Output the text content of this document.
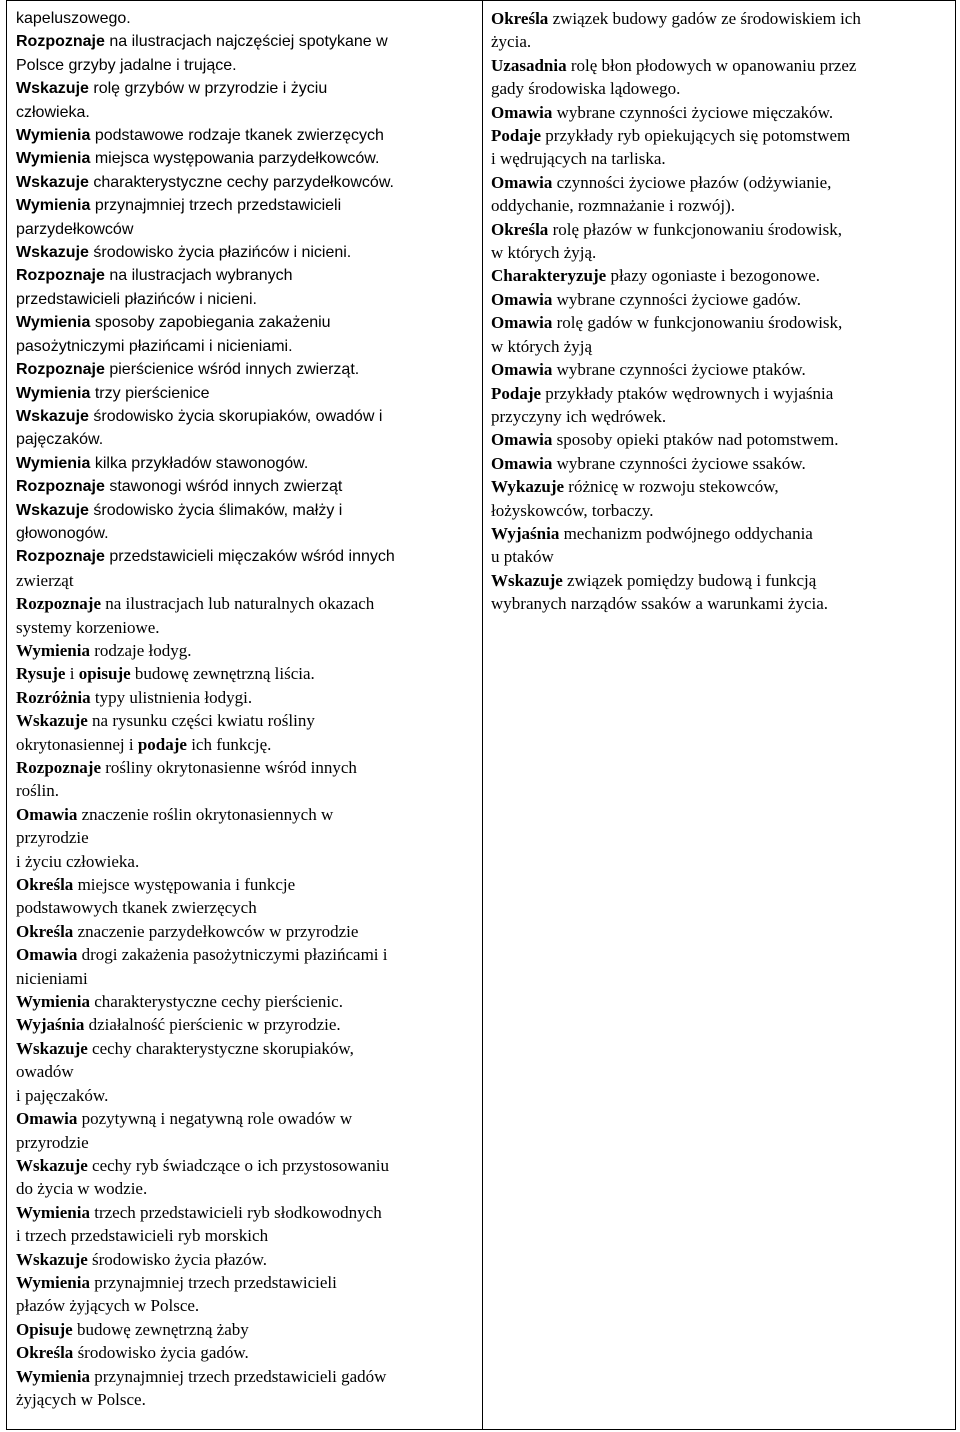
kapeluszowego.
Rozpoznaje na ilustracjach najczęściej spotykane w
Polsce grzyby jadalne i trujące.
Wskazuje rolę grzybów w przyrodzie i życiu
człowieka.
Wymienia podstawowe rodzaje tkanek zwierzęcych
Wymienia miejsca występowania parzydełkowców.
Wskazuje charakterystyczne cechy parzydełkowców.
Wymienia przynajmniej trzech przedstawicieli
parzydełkowców
Wskazuje środowisko życia płazińców i nicieni.
Rozpoznaje na ilustracjach wybranych
przedstawicieli płazińców i nicieni.
Wymienia sposoby zapobiegania zakażeniu
pasożytniczymi płazińcami i nicieniami.
Rozpoznaje pierścienice wśród innych zwierząt.
Wymienia trzy pierścienice
Wskazuje środowisko życia skorupiaków, owadów i
pajęczaków.
Wymienia kilka przykładów stawonogów.
Rozpoznaje stawonogi wśród innych zwierząt
Wskazuje środowisko życia ślimaków, małży i
głowonogów.
Rozpoznaje przedstawicieli mięczaków wśród innych
zwierząt
Rozpoznaje na ilustracjach lub naturalnych okazach
systemy korzeniowe.
Wymienia rodzaje łodyg.
Rysuje i opisuje budowę zewnętrzną liścia.
Rozróżnia typy ulistnienia łodygi.
Wskazuje na rysunku części kwiatu rośliny
okrytonasiennej i podaje ich funkcję.
Rozpoznaje rośliny okrytonasienne wśród innych
roślin.
Omawia znaczenie roślin okrytonasiennych w
przyrodzie
i życiu człowieka.
Określa miejsce występowania i funkcje
podstawowych tkanek zwierzęcych
Określa znaczenie parzydełkowców w przyrodzie
Omawia drogi zakażenia pasożytniczymi płazińcami i
nicieniami
Wymienia charakterystyczne cechy pierścienic.
Wyjaśnia działalność pierścienic w przyrodzie.
Wskazuje cechy charakterystyczne skorupiaków,
owadów
i pajęczaków.
Omawia pozytywną i negatywną role owadów w
przyrodzie
Wskazuje cechy ryb świadczące o ich przystosowaniu
do życia w wodzie.
Wymienia trzech przedstawicieli ryb słodkowodnych
i trzech przedstawicieli ryb morskich
Wskazuje środowisko życia płazów.
Wymienia przynajmniej trzech przedstawicieli
płazów żyjących w Polsce.
Opisuje budowę zewnętrzną żaby
Określa środowisko życia gadów.
Wymienia przynajmniej trzech przedstawicieli gadów
żyjących w Polsce.
Określa związek budowy gadów ze środowiskiem ich
życia.
Uzasadnia rolę błon płodowych w opanowaniu przez
gady środowiska lądowego.
Omawia wybrane czynności życiowe mięczaków.
Podaje przykłady ryb opiekujących się potomstwem
i wędrujących na tarliska.
Omawia czynności życiowe płazów (odżywianie,
oddychanie, rozmnażanie i rozwój).
Określa rolę płazów w funkcjonowaniu środowisk,
w których żyją.
Charakteryzuje płazy ogoniaste i bezogonowe.
Omawia wybrane czynności życiowe gadów.
Omawia rolę gadów w funkcjonowaniu środowisk,
w których żyją
Omawia wybrane czynności życiowe ptaków.
Podaje przykłady ptaków wędrownych i wyjaśnia
przyczyny ich wędrówek.
Omawia sposoby opieki ptaków nad potomstwem.
Omawia wybrane czynności życiowe ssaków.
Wykazuje różnicę w rozwoju stekowców,
łożyskowców, torbaczy.
Wyjaśnia mechanizm podwójnego oddychania
u ptaków
Wskazuje związek pomiędzy budową i funkcją
wybranych narządów ssaków a warunkami życia.
